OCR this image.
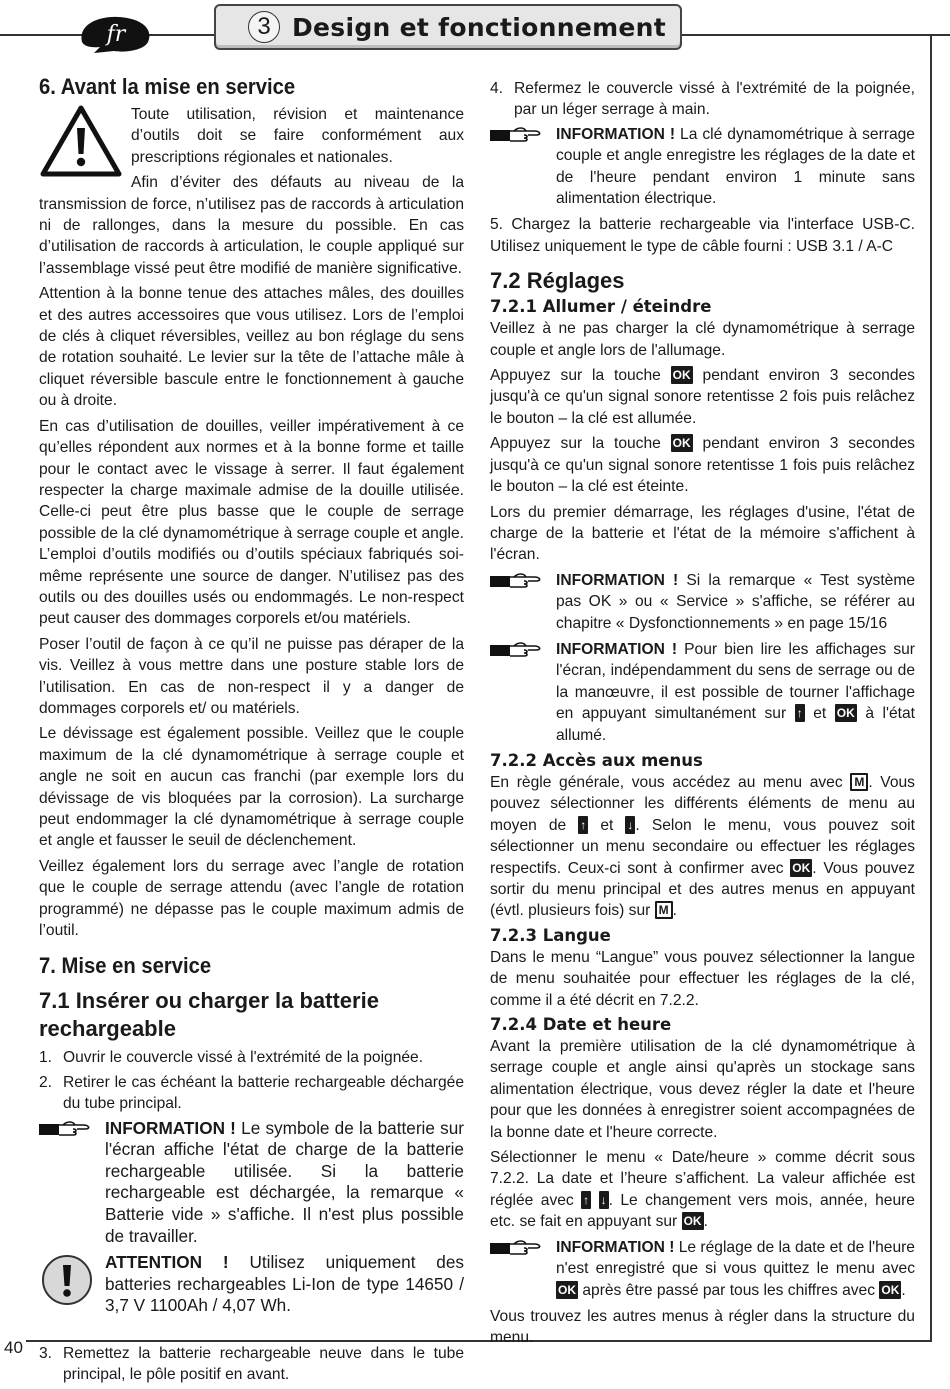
fr	3 Design et fonctionnement
40
6. Avant la mise en service

Toute utilisation, révision et maintenance d’outils doit se faire conformément aux prescriptions régionales et nationales.

Afin d’éviter des défauts au niveau de la transmission de force, n’utilisez pas de raccords à articulation ni de rallonges, dans la mesure du possible. En cas d’utilisation de raccords à articulation, le couple appliqué sur l’assemblage vissé peut être modifié de manière significative.

Attention à la bonne tenue des attaches mâles, des douilles et des autres accessoires que vous utilisez. Lors de l’emploi de clés à cliquet réversibles, veillez au bon réglage du sens de rotation souhaité. Le levier sur la tête de l’attache mâle à cliquet réversible bascule entre le fonctionnement à gauche ou à droite.

En cas d’utilisation de douilles, veiller impérativement à ce qu’elles répondent aux normes et à la bonne forme et taille pour le contact avec le vissage à serrer. Il faut également respecter la charge maximale admise de la douille utilisée. Celle-ci peut être plus basse que le couple de serrage possible de la clé dynamométrique à serrage couple et angle. L’emploi d’outils modifiés ou d’outils spéciaux fabriqués soi-même représente une source de danger. N’utilisez pas des outils ou des douilles usés ou endommagés. Le non-respect peut causer des dommages corporels et/ou matériels.

Poser l’outil de façon à ce qu’il ne puisse pas déraper de la vis. Veillez à vous mettre dans une posture stable lors de l’utilisation. En cas de non-respect il y a danger de dommages corporels et/ ou matériels.

Le dévissage est également possible. Veillez que le couple maximum de la clé dynamométrique à serrage couple et angle ne soit en aucun cas franchi (par exemple lors du dévissage de vis bloquées par la corrosion). La surcharge peut endommager la clé dynamométrique à serrage couple et angle et fausser le seuil de déclenchement.

Veillez également lors du serrage avec l’angle de rotation que le couple de serrage attendu (avec l’angle de rotation programmé) ne dépasse pas le couple maximum admis de l’outil.

7. Mise en service
7.1 Insérer ou charger la batterie rechargeable
1. Ouvrir le couvercle vissé à l'extrémité de la poignée.
2. Retirer le cas échéant la batterie rechargeable déchargée du tube principal.
INFORMATION ! Le symbole de la batterie sur l'écran affiche l'état de charge de la batterie rechargeable utilisée. Si la batterie rechargeable est déchargée, la remarque « Batterie vide » s'affiche. Il n'est plus possible de travailler.
ATTENTION ! Utilisez uniquement des batteries rechargeables Li-Ion de type 14650 / 3,7 V 1100Ah / 4,07 Wh.
3. Remettez la batterie rechargeable neuve dans le tube principal, le pôle positif en avant.
4. Refermez le couvercle vissé à l'extrémité de la poignée, par un léger serrage à main.
INFORMATION ! La clé dynamométrique à serrage couple et angle enregistre les réglages de la date et de l'heure pendant environ 1 minute sans alimentation électrique.

5. Chargez la batterie rechargeable via l'interface USB-C. Utilisez uniquement le type de câble fourni : USB 3.1 / A-C

7.2 Réglages
7.2.1 Allumer / éteindre

Veillez à ne pas charger la clé dynamométrique à serrage couple et angle lors de l'allumage.

Appuyez sur la touche OK pendant environ 3 secondes jusqu'à ce qu'un signal sonore retentisse 2 fois puis relâchez le bouton – la clé est allumée.

Appuyez sur la touche OK pendant environ 3 secondes jusqu'à ce qu'un signal sonore retentisse 1 fois puis relâchez le bouton – la clé est éteinte.

Lors du premier démarrage, les réglages d'usine, l'état de charge de la batterie et l'état de la mémoire s'affichent à l'écran.

INFORMATION ! Si la remarque « Test système pas OK » ou « Service » s'affiche, se référer au chapitre « Dysfonctionnements » en page 15/16
INFORMATION ! Pour bien lire les affichages sur l'écran, indépendamment du sens de serrage ou de la manœuvre, il est possible de tourner l'affichage en appuyant simultanément sur ↑ et OK à l'état allumé.
7.2.2 Accès aux menus

En règle générale, vous accédez au menu avec M . Vous pouvez sélectionner les différents éléments de menu au moyen de ↑ et ↓ . Selon le menu, vous pouvez soit sélectionner un menu secondaire ou effectuer les réglages respectifs. Ceux-ci sont à confirmer avec OK . Vous pouvez sortir du menu principal et des autres menus en appuyant (évtl. plusieurs fois) sur M .

7.2.3 Langue

Dans le menu “Langue” vous pouvez sélectionner la langue de menu souhaitée pour effectuer les réglages de la clé, comme il a été décrit en 7.2.2.

7.2.4 Date et heure

Avant la première utilisation de la clé dynamométrique à serrage couple et angle ainsi qu'après un stockage sans alimentation électrique, vous devez régler la date et l'heure pour que les données à enregistrer soient accompagnées de la bonne date et l'heure correcte.

Sélectionner le menu « Date/heure » comme décrit sous 7.2.2. La date et l’heure s’affichent. La valeur affichée est réglée avec ↑ ↓ . Le changement vers mois, année, heure etc. se fait en appuyant sur OK .

INFORMATION ! Le réglage de la date et de l'heure n'est enregistré que si vous quittez le menu avec OK après être passé par tous les chiffres avec OK .

Vous trouvez les autres menus à régler dans la structure du menu.
